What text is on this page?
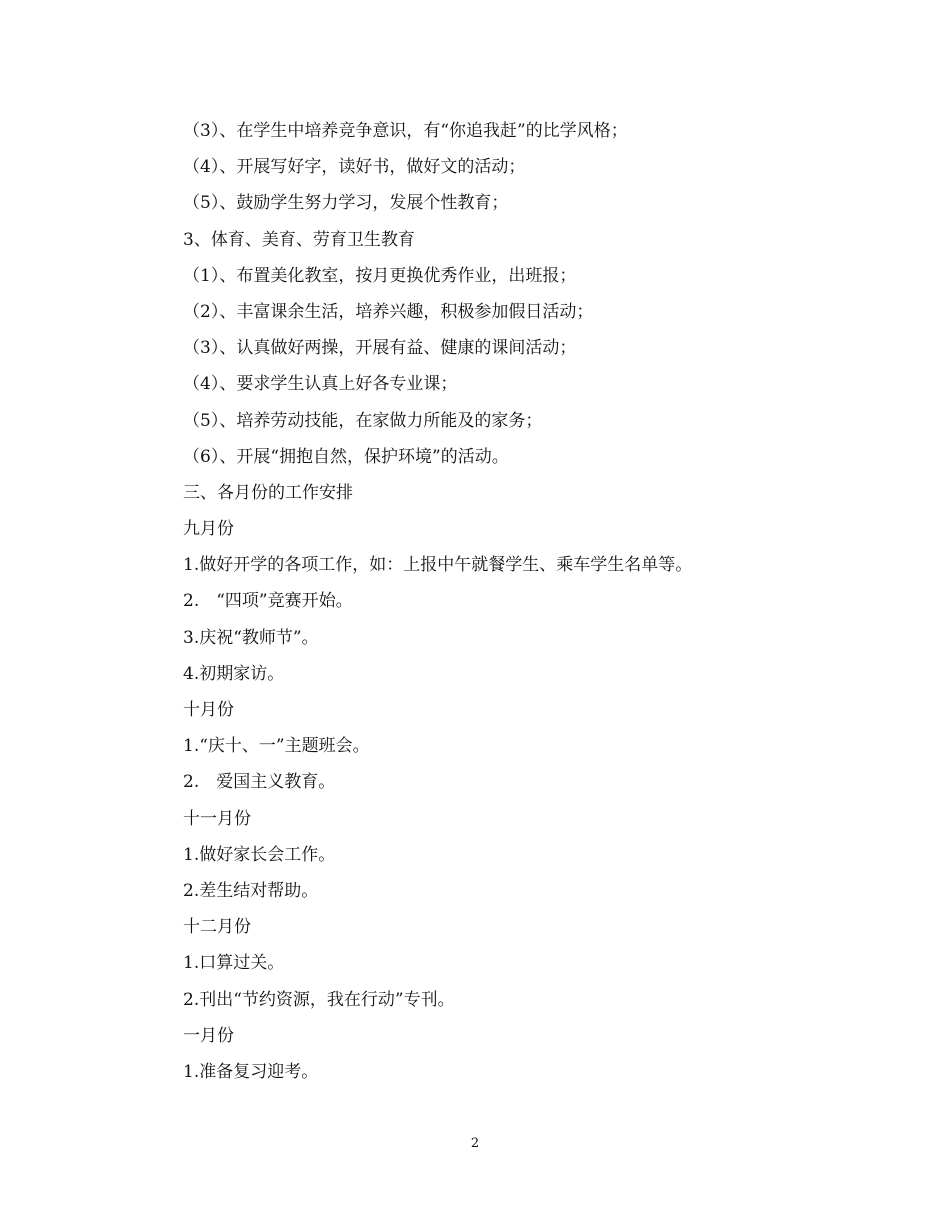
（3）、在学生中培养竞争意识，有“你追我赶”的比学风格；
（4）、开展写好字，读好书，做好文的活动；
（5）、鼓励学生努力学习，发展个性教育；
3、体育、美育、劳育卫生教育
（1）、布置美化教室，按月更换优秀作业，出班报；
（2）、丰富课余生活，培养兴趣，积极参加假日活动；
（3）、认真做好两操，开展有益、健康的课间活动；
（4）、要求学生认真上好各专业课；
（5）、培养劳动技能，在家做力所能及的家务；
（6）、开展“拥抱自然，保护环境”的活动。
三、各月份的工作安排
九月份
1.做好开学的各项工作，如：上报中午就餐学生、乘车学生名单等。
2.　“四项”竞赛开始。
3.庆祝“教师节”。
4.初期家访。
十月份
1.“庆十、一”主题班会。
2.　爱国主义教育。
十一月份
1.做好家长会工作。
2.差生结对帮助。
十二月份
1.口算过关。
2.刊出“节约资源，我在行动”专刊。
一月份
1.准备复习迎考。
2
